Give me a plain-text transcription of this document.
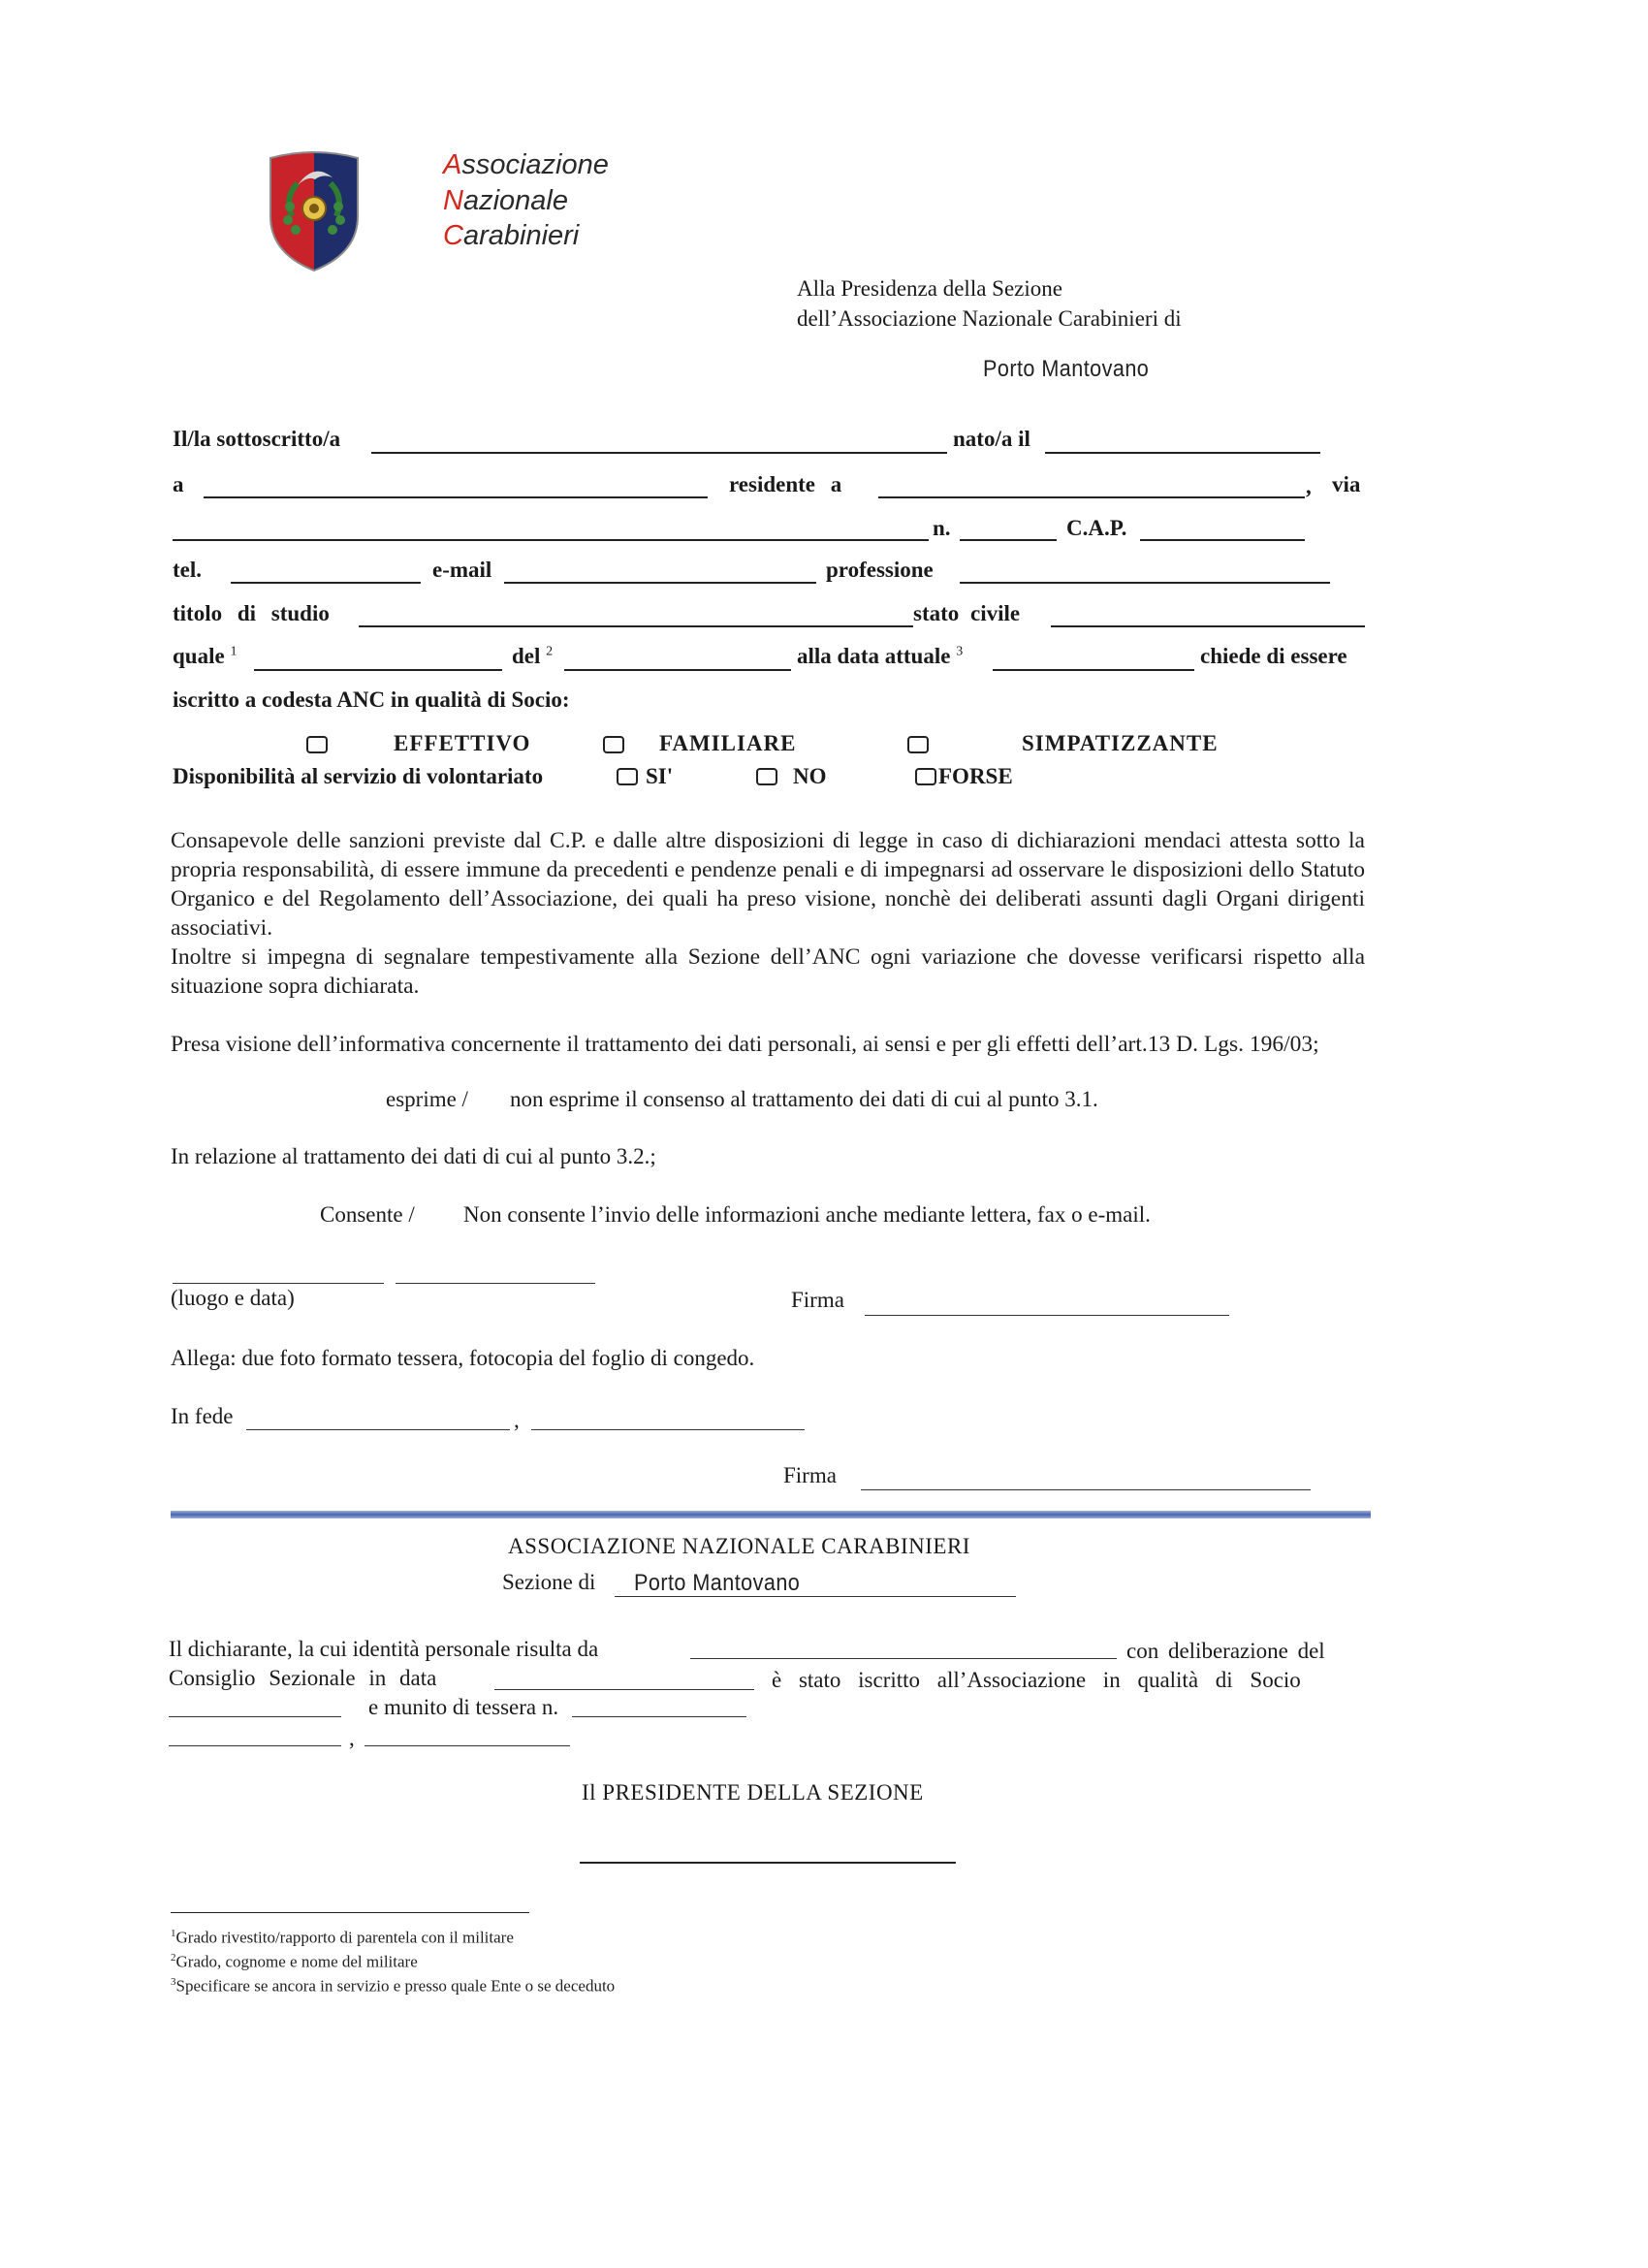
Associazione
Nazionale
Carabinieri
Alla Presidenza della Sezione
dell’Associazione Nazionale Carabinieri di
Porto Mantovano
Il/la sottoscritto/a	nato/a il
a	residente a	, via
n.	C.A.P.
tel.	e-mail	professione
titolo di studio	stato civile
quale $^1$	del $^2$	alla data attuale $^3$	chiede di essere
iscritto a codesta ANC in qualità di Socio:
EFFETTIVO	FAMILIARE	SIMPATIZZANTE
Disponibilità al servizio di volontariato	SI'	NO	FORSE
Consapevole delle sanzioni previste dal C.P. e dalle altre disposizioni di legge in caso di dichiarazioni mendaci attesta sotto la propria responsabilità, di essere immune da precedenti e pendenze penali e di impegnarsi ad osservare le disposizioni dello Statuto Organico e del Regolamento dell’Associazione, dei quali ha preso visione, nonchè dei deliberati assunti dagli Organi dirigenti associativi.
Inoltre si impegna di segnalare tempestivamente alla Sezione dell’ANC ogni variazione che dovesse verificarsi rispetto alla situazione sopra dichiarata.
Presa visione dell’informativa concernente il trattamento dei dati personali, ai sensi e per gli effetti dell’art.13 D. Lgs. 196/03;
esprime / non esprime il consenso al trattamento dei dati di cui al punto 3.1.
In relazione al trattamento dei dati di cui al punto 3.2.;
Consente / Non consente l’invio delle informazioni anche mediante lettera, fax o e-mail.
(luogo e data)	Firma
Allega: due foto formato tessera, fotocopia del foglio di congedo.
In fede	,
Firma
ASSOCIAZIONE NAZIONALE CARABINIERI
Sezione di Porto Mantovano
Il dichiarante, la cui identità personale risulta da	con deliberazione del
Consiglio Sezionale in data	è stato iscritto all’Associazione in qualità di Socio
e munito di tessera n.
,
Il PRESIDENTE DELLA SEZIONE
$^1$Grado rivestito/rapporto di parentela con il militare
$^2$Grado, cognome e nome del militare
$^3$Specificare se ancora in servizio e presso quale Ente o se deceduto
